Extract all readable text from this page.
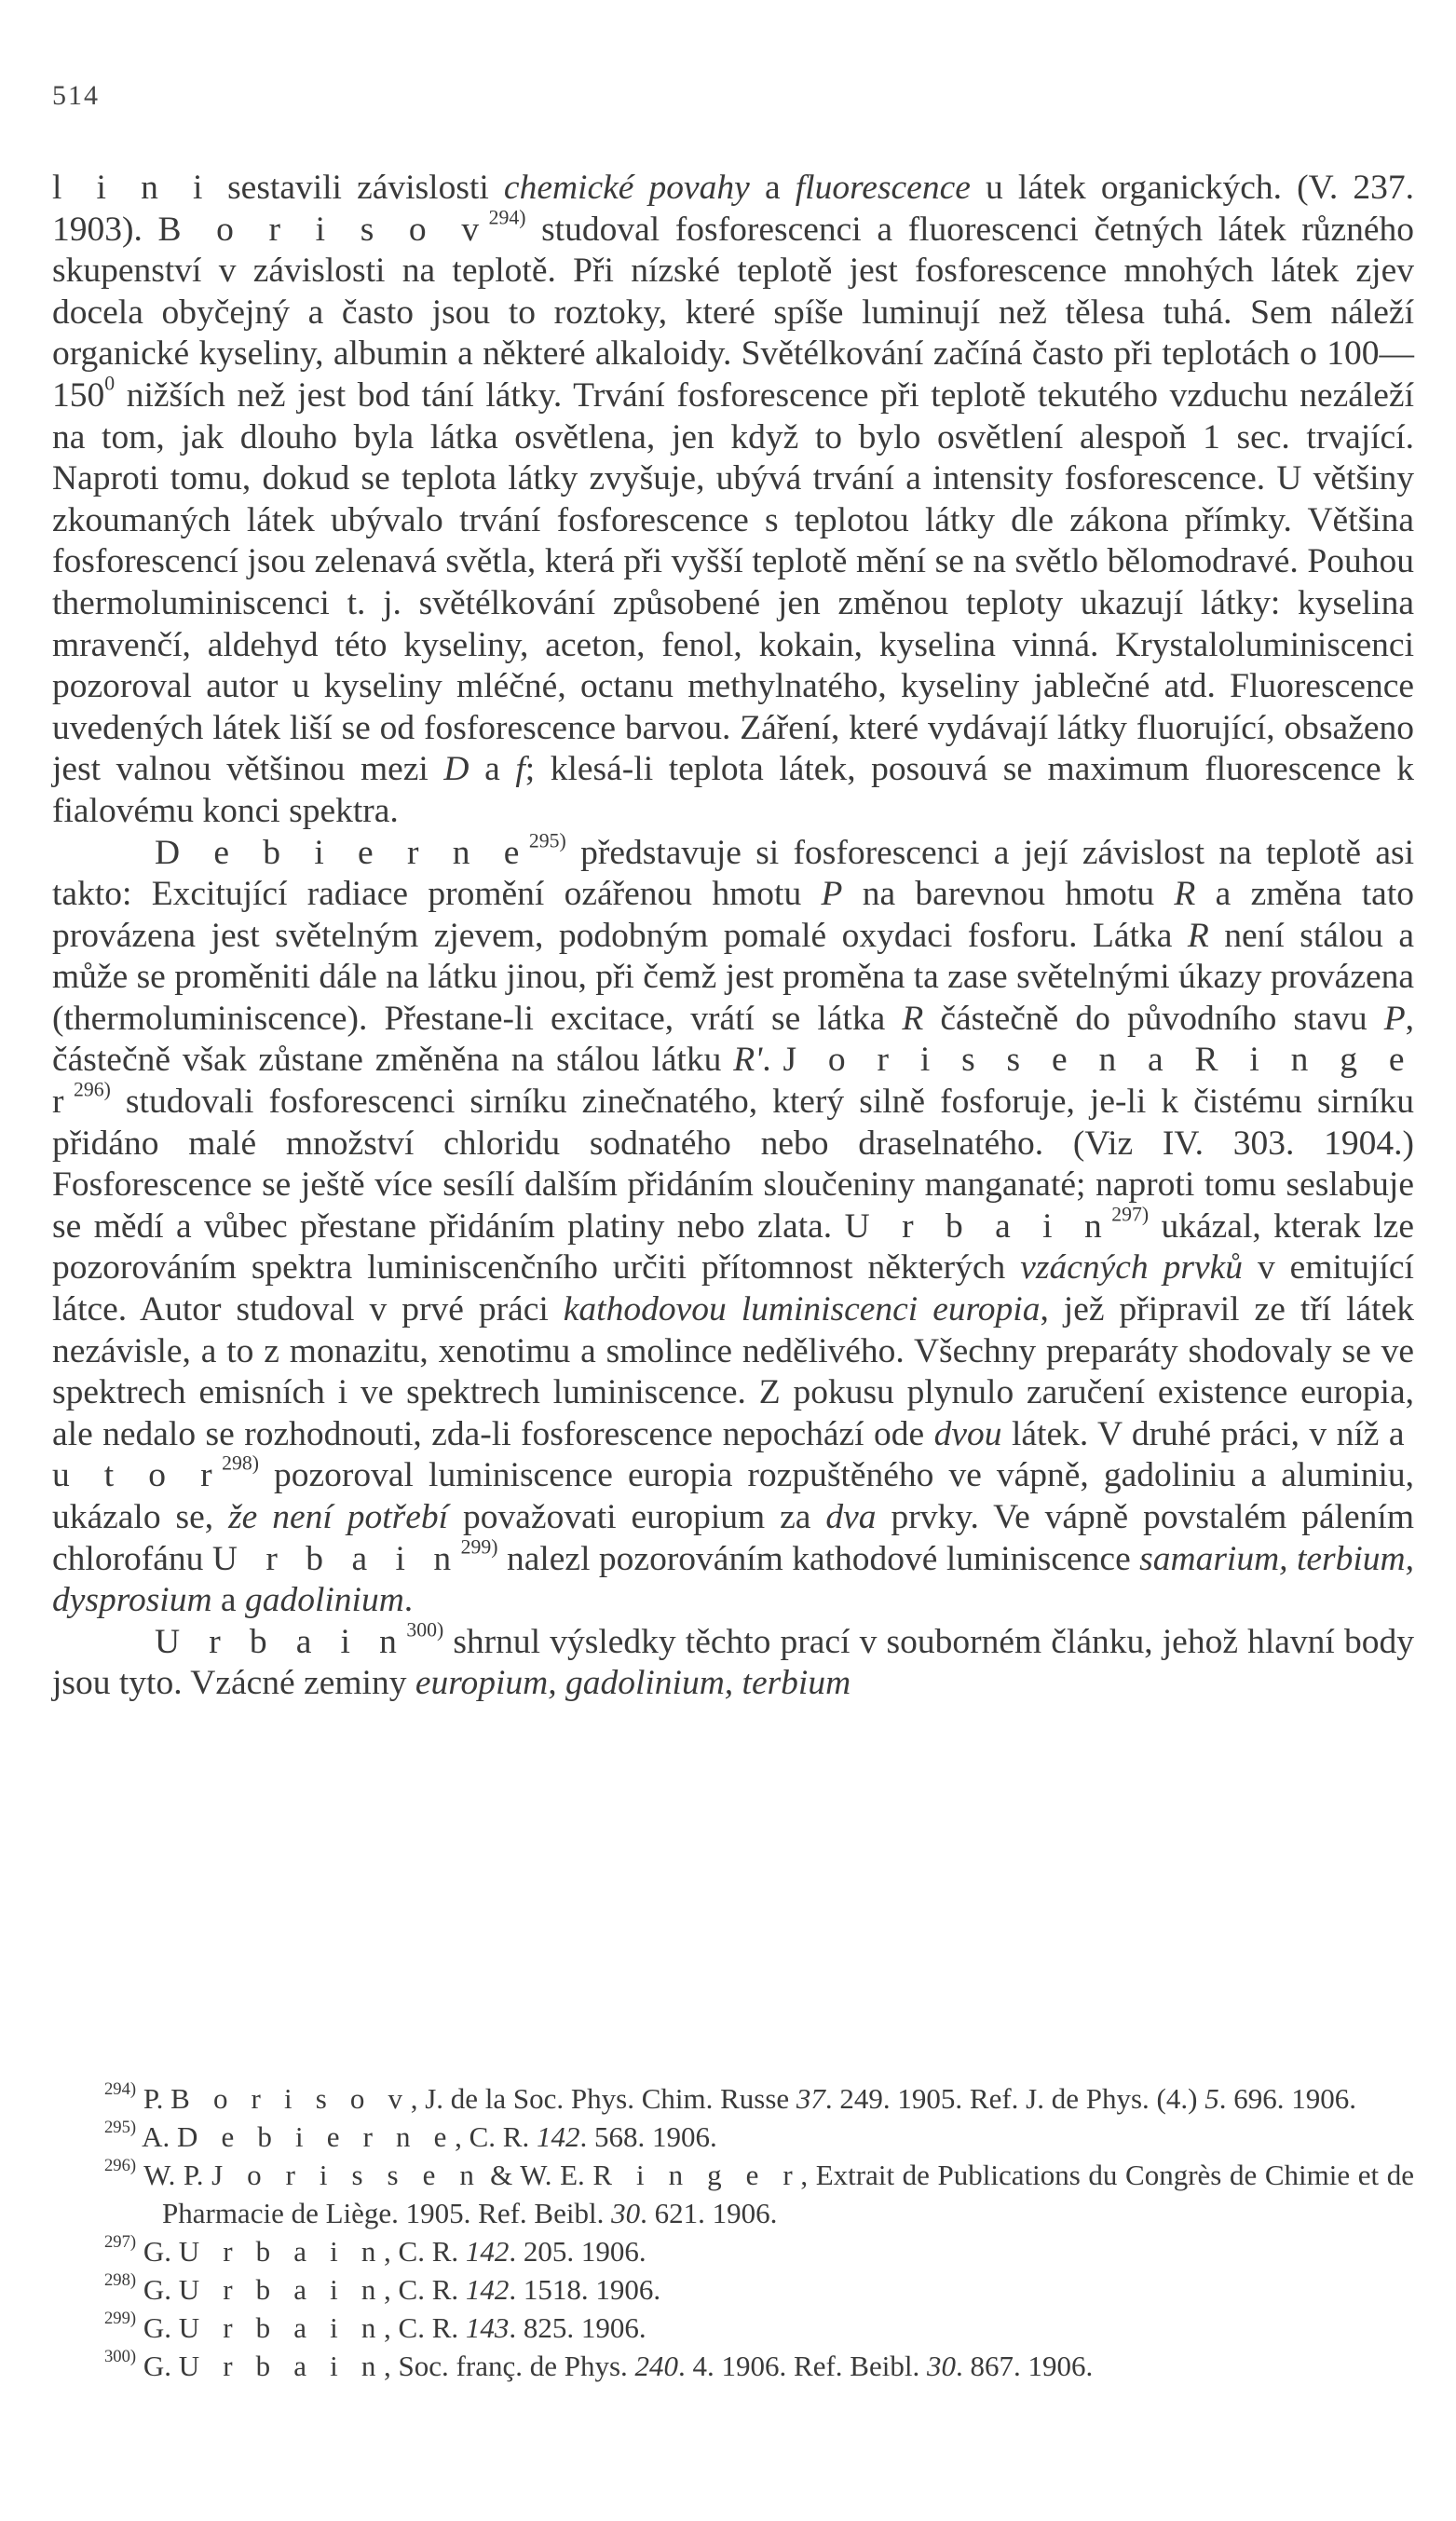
514

l i n i sestavili závislosti chemické povahy a fluorescence u látek organických. (V. 237. 1903). B o r i s o $v^{294)}$ studoval fosforescenci a fluorescenci četných látek různého skupenství v závislosti na teplotě. Při nízské teplotě jest fosforescence mnohých látek zjev docela obyčejný a často jsou to roztoky, které spíše luminují než tělesa tuhá. Sem náleží organické kyseliny, albumin a některé alkaloidy. Světélkování začíná často při teplotách o $100—150^0$ nižších než jest bod tání látky. Trvání fosforescence při teplotě tekutého vzduchu nezáleží na tom, jak dlouho byla látka osvětlena, jen když to bylo osvětlení alespoň 1 sec. trvající. Naproti tomu, dokud se teplota látky zvyšuje, ubývá trvání a intensity fosforescence. U většiny zkoumaných látek ubývalo trvání fosforescence s teplotou látky dle zákona přímky. Většina fosforescencí jsou zelenavá světla, která při vyšší teplotě mění se na světlo bělomodravé. Pouhou thermoluminiscenci t. j. světélkování způsobené jen změnou teploty ukazují látky: kyselina mravenčí, aldehyd této kyseliny, aceton, fenol, kokain, kyselina vinná. Krystaloluminiscenci pozoroval autor u kyseliny mléčné, octanu methylnatého, kyseliny jablečné atd. Fluorescence uvedených látek liší se od fosforescence barvou. Záření, které vydávají látky fluorující, obsaženo jest valnou většinou mezi D a f; klesá-li teplota látek, posouvá se maximum fluorescence k fialovému konci spektra.

D e b i e r n $e^{295)}$ představuje si fosforescenci a její závislost na teplotě asi takto: Excitující radiace promění ozářenou hmotu P na barevnou hmotu R a změna tato provázena jest světelným zjevem, podobným pomalé oxydaci fosforu. Látka R není stálou a může se proměniti dále na látku jinou, při čemž jest proměna ta zase světelnými úkazy provázena (thermoluminiscence). Přestane-li excitace, vrátí se látka R částečně do původního stavu P, částečně však zůstane změněna na stálou látku R'. J o r i s s e n a R i n g e $r^{296)}$ studovali fosforescenci sirníku zinečnatého, který silně fosforuje, je-li k čistému sirníku přidáno malé množství chloridu sodnatého nebo draselnatého. (Viz IV. 303. 1904.) Fosforescence se ještě více sesílí dalším přidáním sloučeniny manganaté; naproti tomu seslabuje se mědí a vůbec přestane přidáním platiny nebo zlata. U r b a i $n^{297)}$ ukázal, kterak lze pozorováním spektra luminiscenčního určiti přítomnost některých vzácných prvků v emitující látce. Autor studoval v prvé práci kathodovou luminiscenci europia, jež připravil ze tří látek nezávisle, a to z monazitu, xenotimu a smolince nedělivého. Všechny preparáty shodovaly se ve spektrech emisních i ve spektrech luminiscence. Z pokusu plynulo zaručení existence europia, ale nedalo se rozhodnouti, zda-li fosforescence nepochází ode dvou látek. V druhé práci, v níž a u t o $r^{298)}$ pozoroval luminiscence europia rozpuštěného ve vápně, gadoliniu a aluminiu, ukázalo se, že není potřebí považovati europium za dva prvky. Ve vápně povstalém pálením chlorofánu U r b a i $n^{299)}$ nalezl pozorováním kathodové luminiscence samarium, terbium, dysprosium a gadolinium.

U r b a i $n^{300)}$ shrnul výsledky těchto prací v souborném článku, jehož hlavní body jsou tyto. Vzácné zeminy europium, gadolinium, terbium

$^{294)}$ P. B o r i s o v, J. de la Soc. Phys. Chim. Russe 37. 249. 1905. Ref. J. de Phys. (4.) 5. 696. 1906.

$^{295)}$ A. D e b i e r n e, C. R. 142. 568. 1906.

$^{296)}$ W. P. J o r i s s e n & W. E. R i n g e r, Extrait de Publications du Congrès de Chimie et de Pharmacie de Liège. 1905. Ref. Beibl. 30. 621. 1906.

$^{297)}$ G. U r b a i n, C. R. 142. 205. 1906.

$^{298)}$ G. U r b a i n, C. R. 142. 1518. 1906.

$^{299)}$ G. U r b a i n, C. R. 143. 825. 1906.

$^{300)}$ G. U r b a i n, Soc. franç. de Phys. 240. 4. 1906. Ref. Beibl. 30. 867. 1906.
